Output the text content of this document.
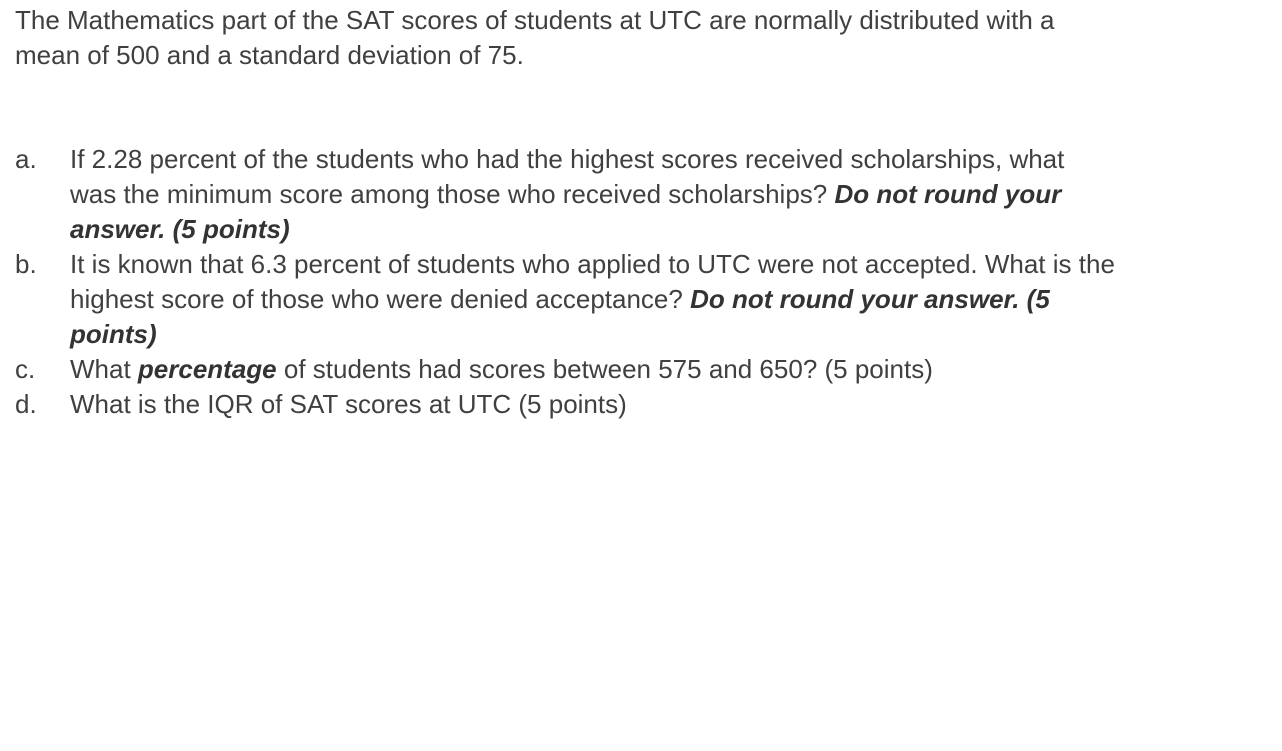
The Mathematics part of the SAT scores of students at UTC are normally distributed with a mean of 500 and a standard deviation of 75.

a.	If 2.28 percent of the students who had the highest scores received scholarships, what was the minimum score among those who received scholarships? Do not round your answer. (5 points)
b.	It is known that 6.3 percent of students who applied to UTC were not accepted. What is the highest score of those who were denied acceptance? Do not round your answer. (5 points)
c.	What percentage of students had scores between 575 and 650? (5 points)
d.	What is the IQR of SAT scores at UTC (5 points)
